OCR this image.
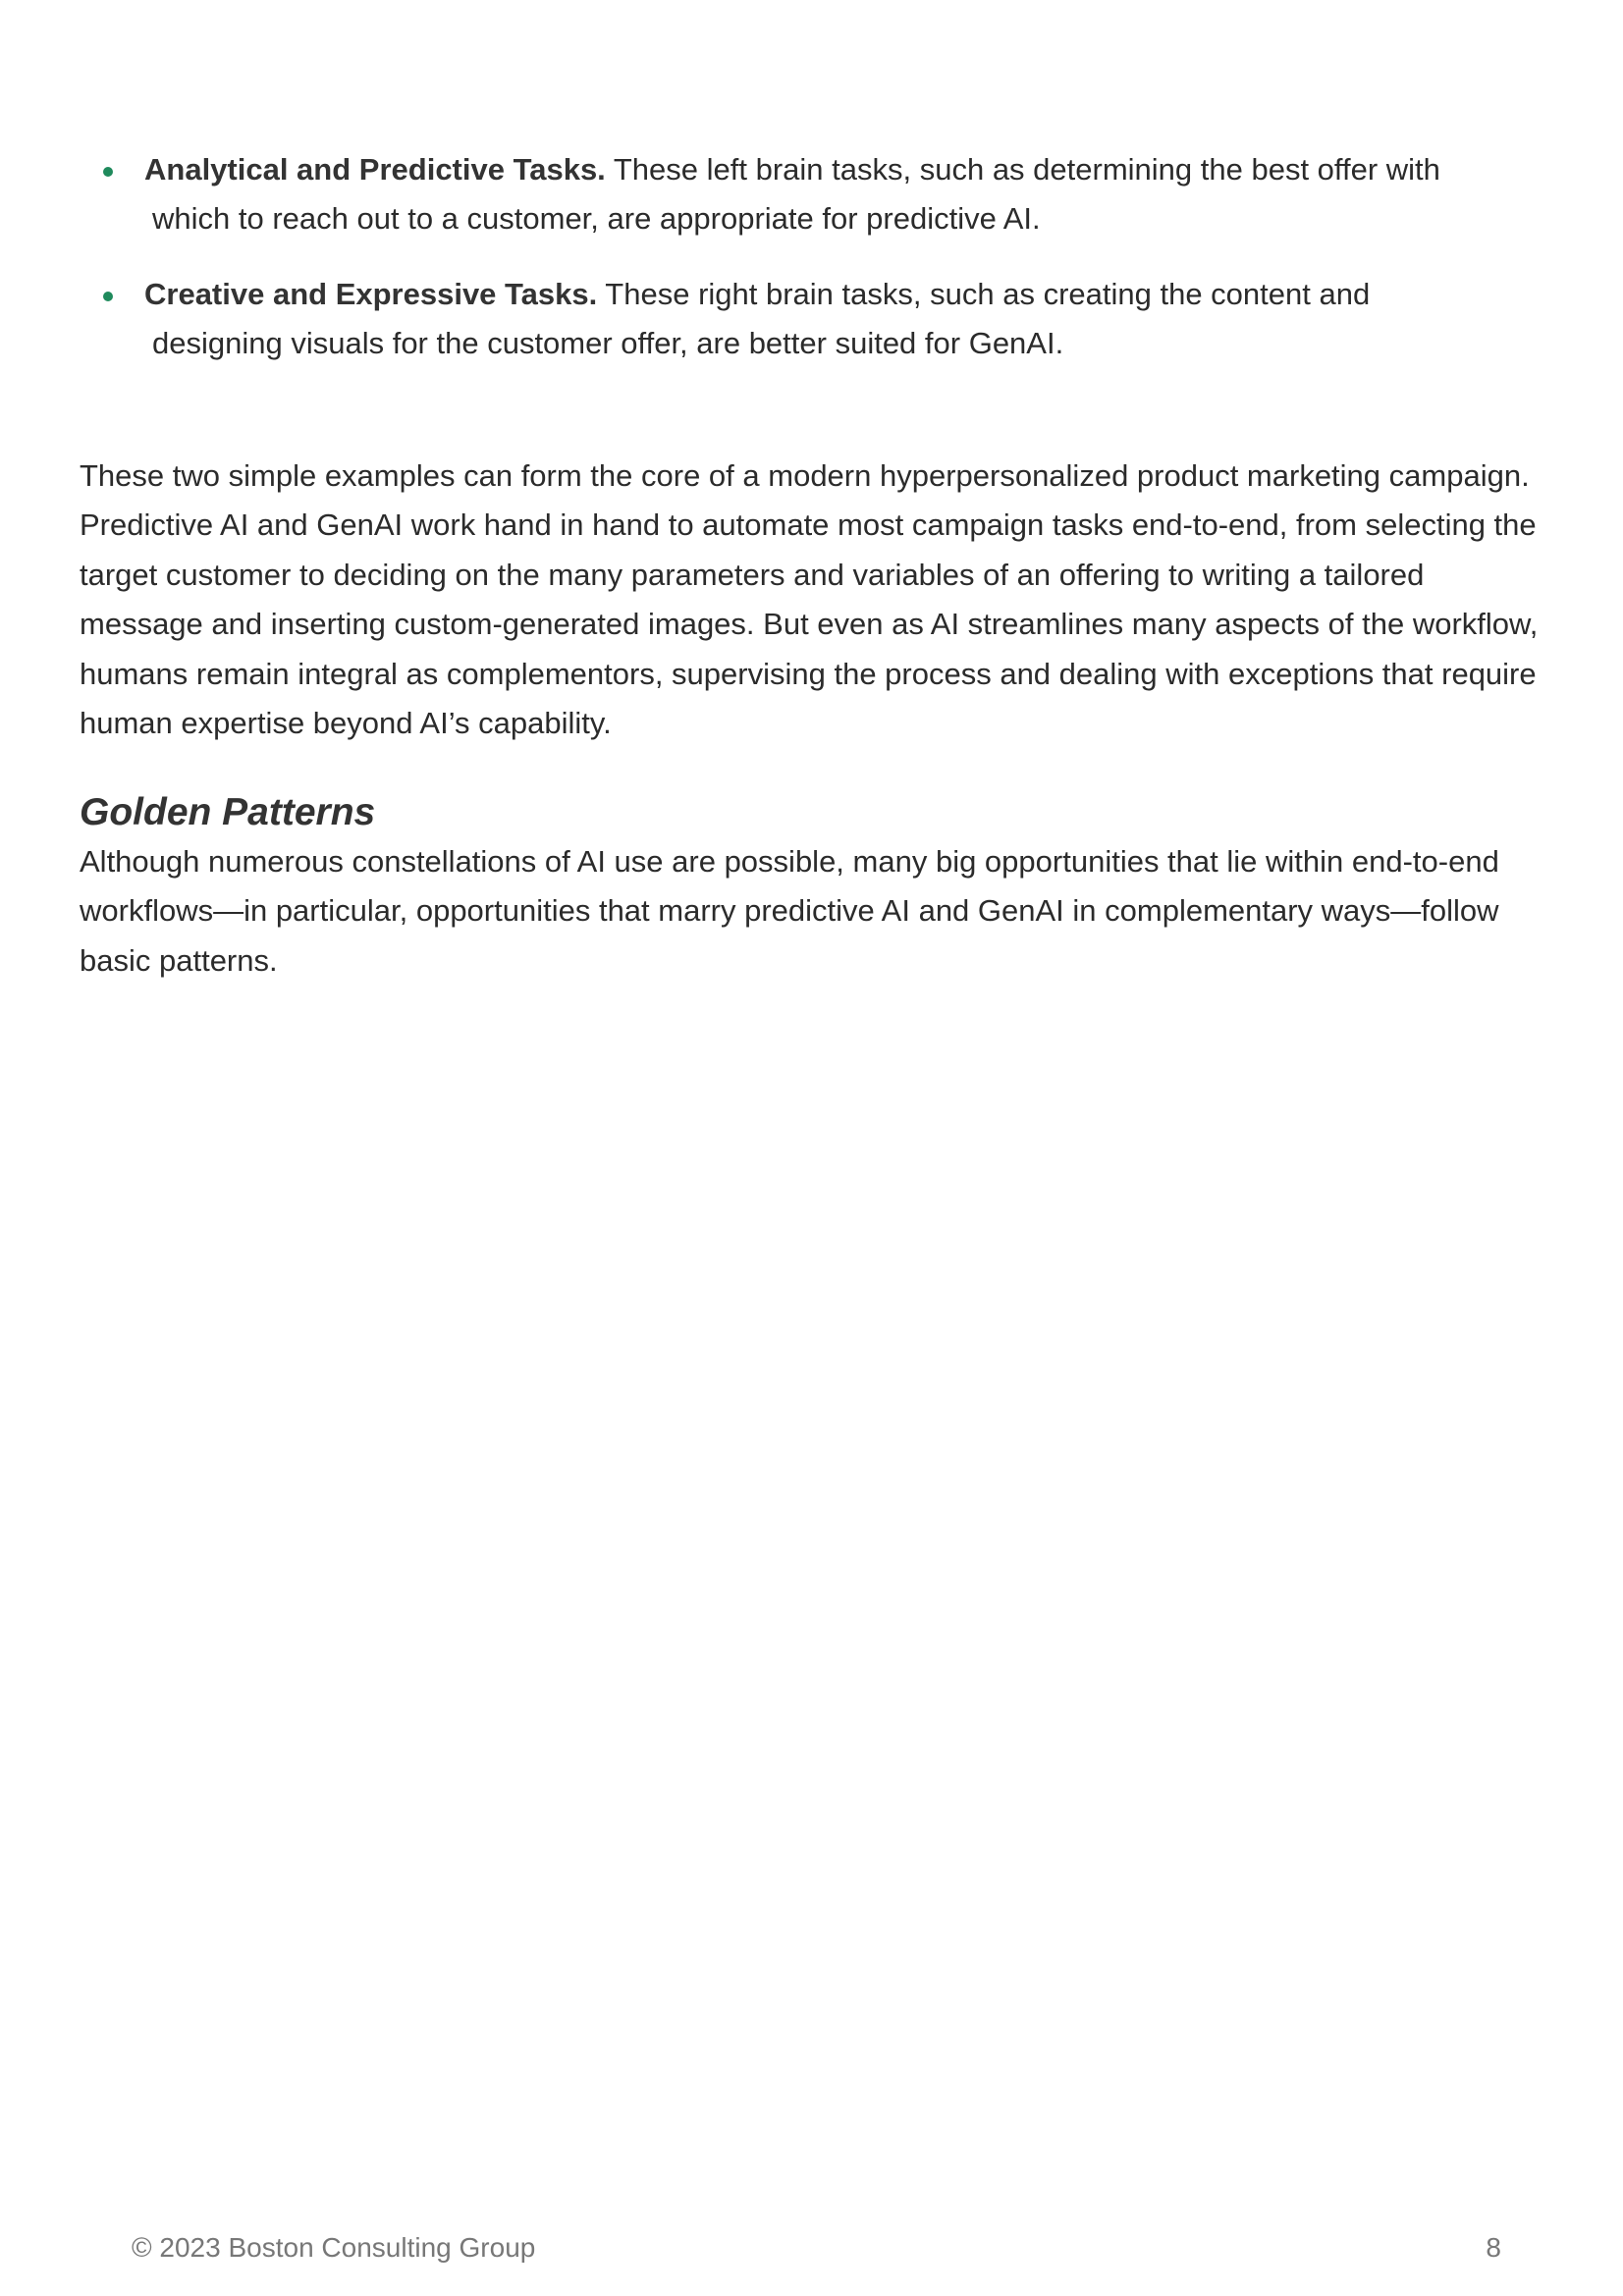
Analytical and Predictive Tasks. These left brain tasks, such as determining the best offer with
which to reach out to a customer, are appropriate for predictive AI.
Creative and Expressive Tasks. These right brain tasks, such as creating the content and
designing visuals for the customer offer, are better suited for GenAI.

These two simple examples can form the core of a modern hyperpersonalized product marketing campaign. Predictive AI and GenAI work hand in hand to automate most campaign tasks end-to-end, from selecting the target customer to deciding on the many parameters and variables of an offering to writing a tailored message and inserting custom-generated images. But even as AI streamlines many aspects of the workflow, humans remain integral as complementors, supervising the process and dealing with exceptions that require human expertise beyond AI’s capability.

Golden Patterns

Although numerous constellations of AI use are possible, many big opportunities that lie within end-to-end workflows—in particular, opportunities that marry predictive AI and GenAI in complementary ways—follow basic patterns.

© 2023 Boston Consulting Group	8
